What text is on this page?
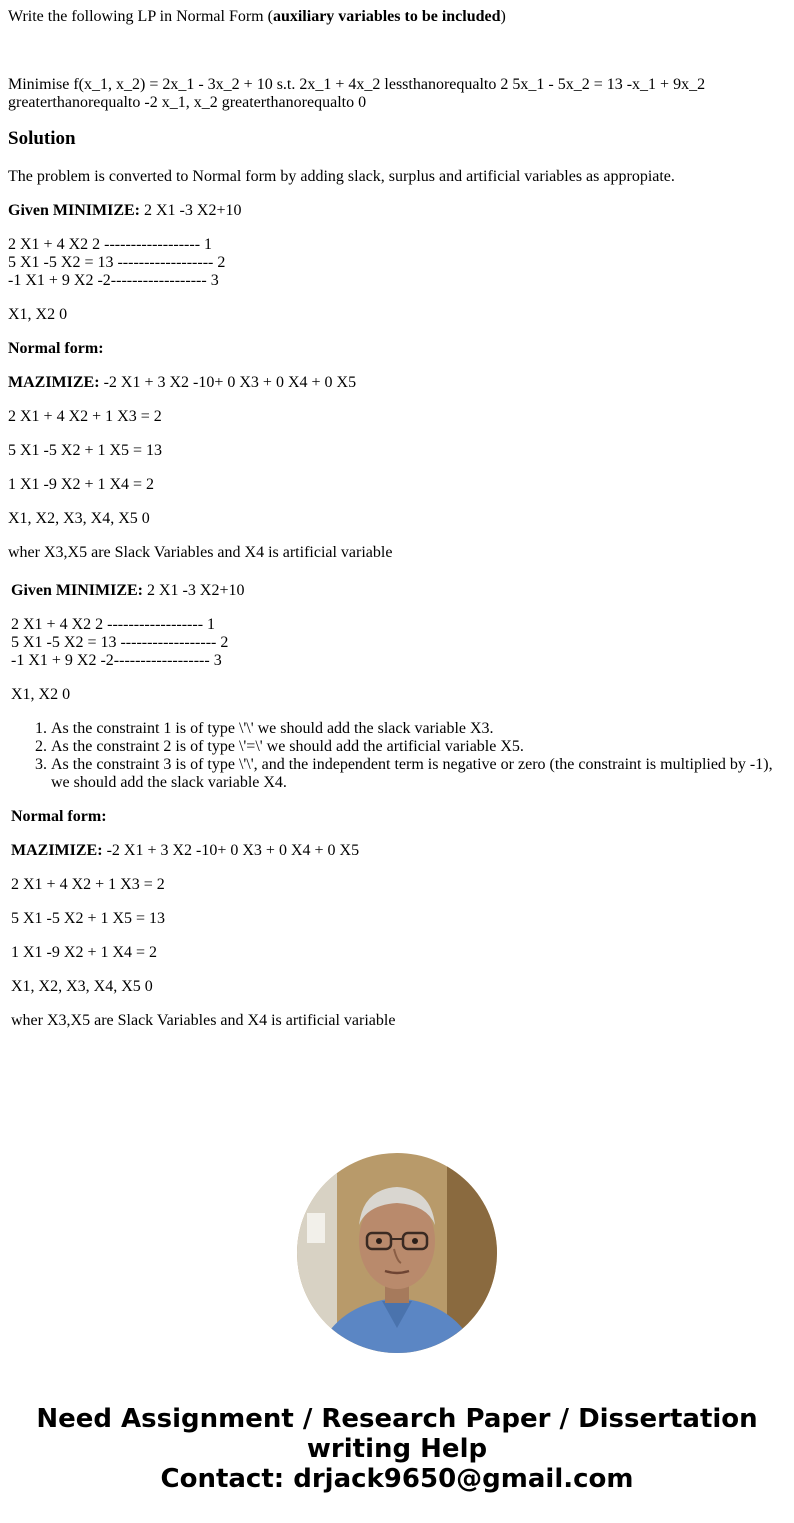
Write the following LP in Normal Form (auxiliary variables to be included)

Minimise f(x_1, x_2) = 2x_1 - 3x_2 + 10 s.t. 2x_1 + 4x_2 lessthanorequalto 2 5x_1 - 5x_2 = 13 -x_1 + 9x_2 greaterthanorequalto -2 x_1, x_2 greaterthanorequalto 0

Solution

The problem is converted to Normal form by adding slack, surplus and artificial variables as appropiate.

Given MINIMIZE: 2 X1 -3 X2+10

2 X1 + 4 X2 2 ------------------ 1
5 X1 -5 X2 = 13 ------------------ 2
-1 X1 + 9 X2 -2------------------ 3

X1, X2 0

Normal form:

MAZIMIZE: -2 X1 + 3 X2 -10+ 0 X3 + 0 X4 + 0 X5

2 X1 + 4 X2 + 1 X3 = 2

5 X1 -5 X2 + 1 X5 = 13

1 X1 -9 X2 + 1 X4 = 2

X1, X2, X3, X4, X5 0

wher X3,X5 are Slack Variables and X4 is artificial variable

Given MINIMIZE: 2 X1 -3 X2+10

2 X1 + 4 X2 2 ------------------ 1
5 X1 -5 X2 = 13 ------------------ 2
-1 X1 + 9 X2 -2------------------ 3

X1, X2 0

1. As the constraint 1 is of type \'\' we should add the slack variable X3.
2. As the constraint 2 is of type \'=\' we should add the artificial variable X5.
3. As the constraint 3 is of type \'\', and the independent term is negative or zero (the constraint is multiplied by -1), we should add the slack variable X4.

Normal form:

MAZIMIZE: -2 X1 + 3 X2 -10+ 0 X3 + 0 X4 + 0 X5

2 X1 + 4 X2 + 1 X3 = 2

5 X1 -5 X2 + 1 X5 = 13

1 X1 -9 X2 + 1 X4 = 2

X1, X2, X3, X4, X5 0

wher X3,X5 are Slack Variables and X4 is artificial variable

Need Assignment / Research Paper / Dissertation
writing Help
Contact: drjack9650@gmail.com
